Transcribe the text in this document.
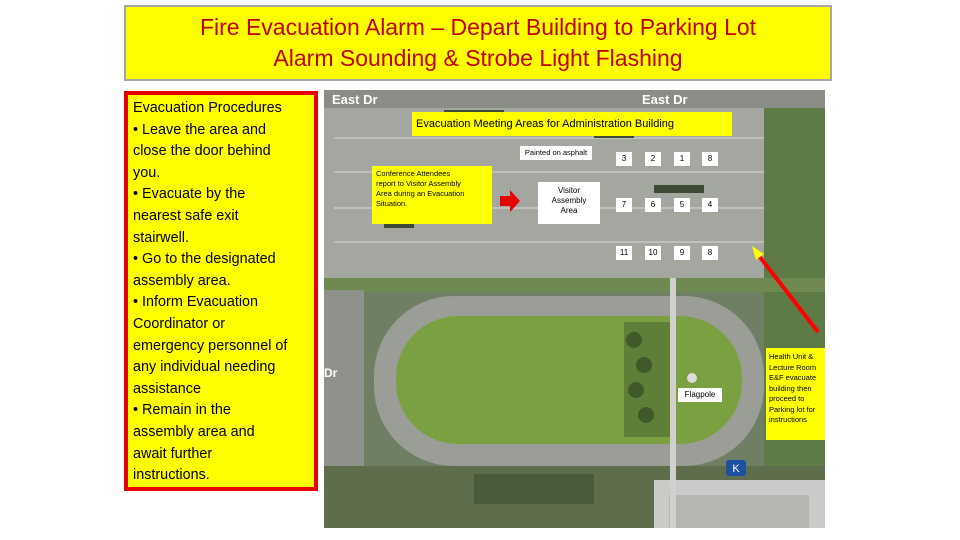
Fire Evacuation Alarm – Depart Building to Parking Lot
Alarm Sounding & Strobe Light Flashing
Evacuation Procedures
• Leave the area and
close the door behind
you.
• Evacuate by the
nearest safe exit
stairwell.
• Go to the designated
assembly area.
• Inform Evacuation
Coordinator or
emergency personnel of
any individual needing
assistance
• Remain in the
assembly area and
await further
instructions.	K
East Dr	East Dr
Dr
Evacuation Meeting Areas for Administration Building
Painted on asphalt
Conference Attendees
report to Visitor Assembly
Area during an Evacuation
Situation.
Visitor
Assembly
Area
3	2	1	8
7	6	5	4
11	10	9	8
Flagpole
Health Unit &
Lecture Room
E&F evacuate
building then
proceed to
Parking lot for
instructions
